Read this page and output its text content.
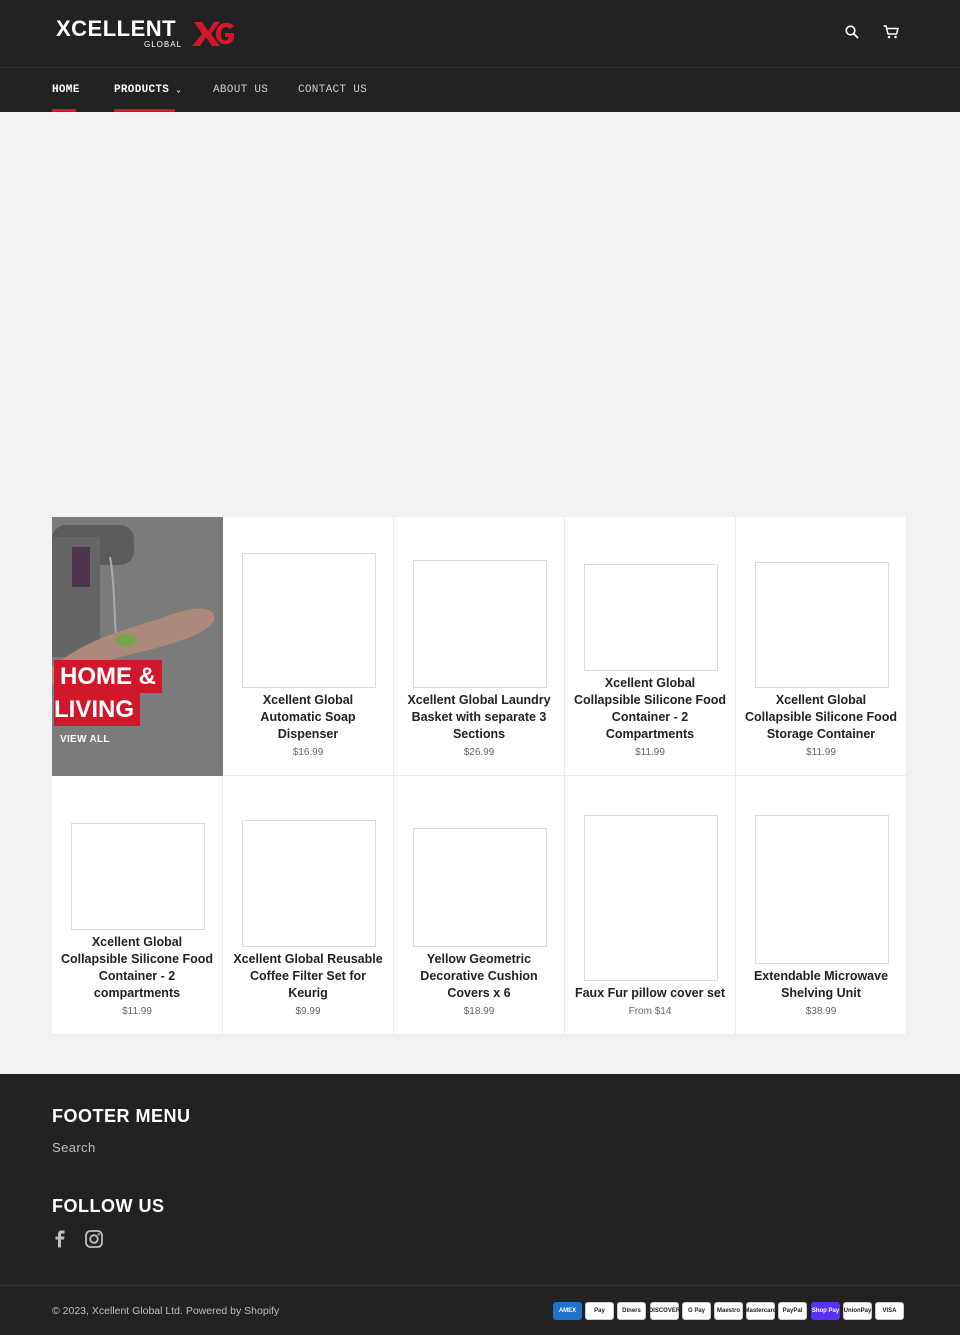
XCELLENT
GLOBAL
HOME	PRODUCTS ⌄	ABOUT US	CONTACT US
HOME &
LIVING
VIEW ALL
Xcellent Global
Automatic Soap
Dispenser
$16.99
Xcellent Global Laundry
Basket with separate 3
Sections
$26.99
Xcellent Global
Collapsible Silicone Food
Container - 2
Compartments
$11.99
Xcellent Global
Collapsible Silicone Food
Storage Container
$11.99
Xcellent Global
Collapsible Silicone Food
Container - 2
compartments
$11.99
Xcellent Global Reusable
Coffee Filter Set for
Keurig
$9.99
Yellow Geometric
Decorative Cushion
Covers x 6
$18.99
Faux Fur pillow cover set
From $14
Extendable Microwave
Shelving Unit
$38.99
FOOTER MENU
Search
FOLLOW US
© 2023, Xcellent Global Ltd. Powered by Shopify	AMEX	Pay	Diners DISCOVER G Pay Maestro Mastercard PayPal Shop Pay UnionPay VISA
